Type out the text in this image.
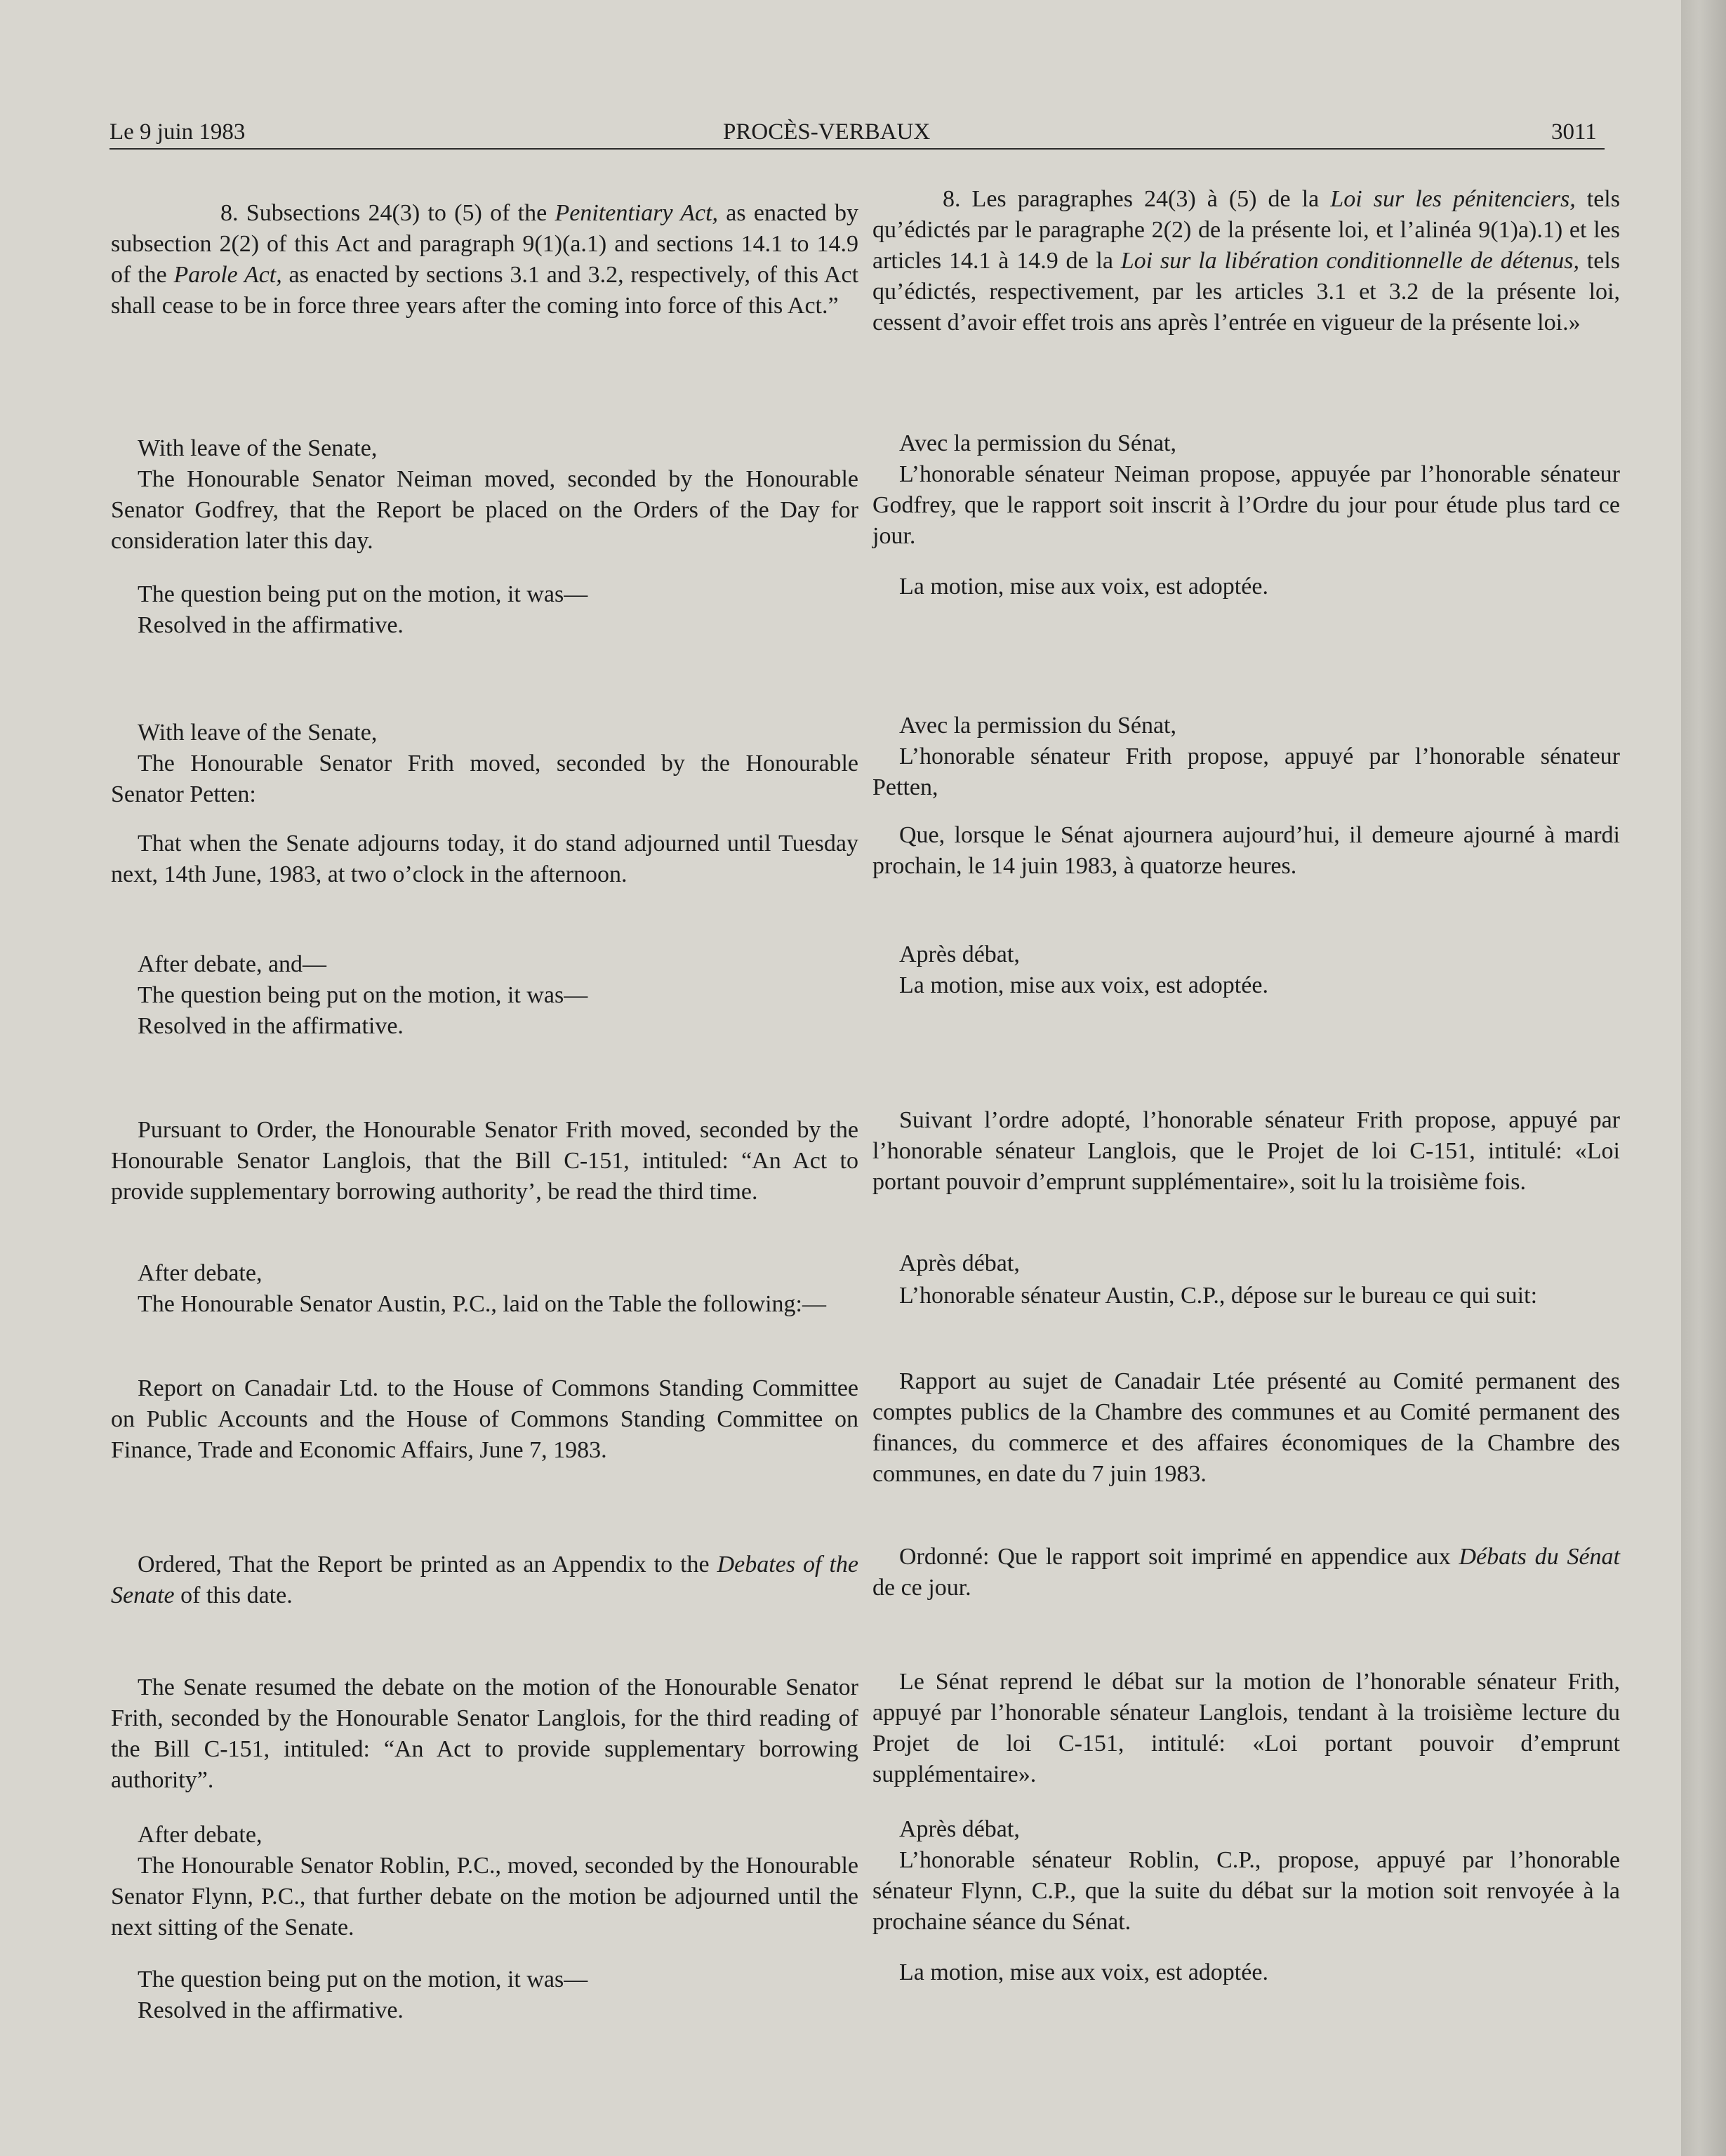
Le 9 juin 1983	PROCÈS-VERBAUX	3011

8. Subsections 24(3) to (5) of the Penitentiary Act, as enacted by subsection 2(2) of this Act and paragraph 9(1)(a.1) and sections 14.1 to 14.9 of the Parole Act, as enacted by sections 3.1 and 3.2, respectively, of this Act shall cease to be in force three years after the coming into force of this Act.”

With leave of the Senate,

The Honourable Senator Neiman moved, seconded by the Honourable Senator Godfrey, that the Report be placed on the Orders of the Day for consideration later this day.

The question being put on the motion, it was—

Resolved in the affirmative.

With leave of the Senate,

The Honourable Senator Frith moved, seconded by the Honourable Senator Petten:

That when the Senate adjourns today, it do stand adjourned until Tuesday next, 14th June, 1983, at two o’clock in the afternoon.

After debate, and—

The question being put on the motion, it was—

Resolved in the affirmative.

Pursuant to Order, the Honourable Senator Frith moved, seconded by the Honourable Senator Langlois, that the Bill C-151, intituled: “An Act to provide supplementary borrowing authority’, be read the third time.

After debate,

The Honourable Senator Austin, P.C., laid on the Table the following:—

Report on Canadair Ltd. to the House of Commons Standing Committee on Public Accounts and the House of Commons Standing Committee on Finance, Trade and Economic Affairs, June 7, 1983.

Ordered, That the Report be printed as an Appendix to the Debates of the Senate of this date.

The Senate resumed the debate on the motion of the Honourable Senator Frith, seconded by the Honourable Senator Langlois, for the third reading of the Bill C-151, intituled: “An Act to provide supplementary borrowing authority”.

After debate,

The Honourable Senator Roblin, P.C., moved, seconded by the Honourable Senator Flynn, P.C., that further debate on the motion be adjourned until the next sitting of the Senate.

The question being put on the motion, it was—

Resolved in the affirmative.

8. Les paragraphes 24(3) à (5) de la Loi sur les pénitenciers, tels qu’édictés par le paragraphe 2(2) de la présente loi, et l’alinéa 9(1)a).1) et les articles 14.1 à 14.9 de la Loi sur la libération conditionnelle de détenus, tels qu’édictés, respectivement, par les articles 3.1 et 3.2 de la présente loi, cessent d’avoir effet trois ans après l’entrée en vigueur de la présente loi.»

Avec la permission du Sénat,

L’honorable sénateur Neiman propose, appuyée par l’honorable sénateur Godfrey, que le rapport soit inscrit à l’Ordre du jour pour étude plus tard ce jour.

La motion, mise aux voix, est adoptée.

Avec la permission du Sénat,

L’honorable sénateur Frith propose, appuyé par l’honorable sénateur Petten,

Que, lorsque le Sénat ajournera aujourd’hui, il demeure ajourné à mardi prochain, le 14 juin 1983, à quatorze heures.

Après débat,

La motion, mise aux voix, est adoptée.

Suivant l’ordre adopté, l’honorable sénateur Frith propose, appuyé par l’honorable sénateur Langlois, que le Projet de loi C-151, intitulé: «Loi portant pouvoir d’emprunt supplémentaire», soit lu la troisième fois.

Après débat,

L’honorable sénateur Austin, C.P., dépose sur le bureau ce qui suit:

Rapport au sujet de Canadair Ltée présenté au Comité permanent des comptes publics de la Chambre des communes et au Comité permanent des finances, du commerce et des affaires économiques de la Chambre des communes, en date du 7 juin 1983.

Ordonné: Que le rapport soit imprimé en appendice aux Débats du Sénat de ce jour.

Le Sénat reprend le débat sur la motion de l’honorable sénateur Frith, appuyé par l’honorable sénateur Langlois, tendant à la troisième lecture du Projet de loi C-151, intitulé: «Loi portant pouvoir d’emprunt supplémentaire».

Après débat,

L’honorable sénateur Roblin, C.P., propose, appuyé par l’honorable sénateur Flynn, C.P., que la suite du débat sur la motion soit renvoyée à la prochaine séance du Sénat.

La motion, mise aux voix, est adoptée.
